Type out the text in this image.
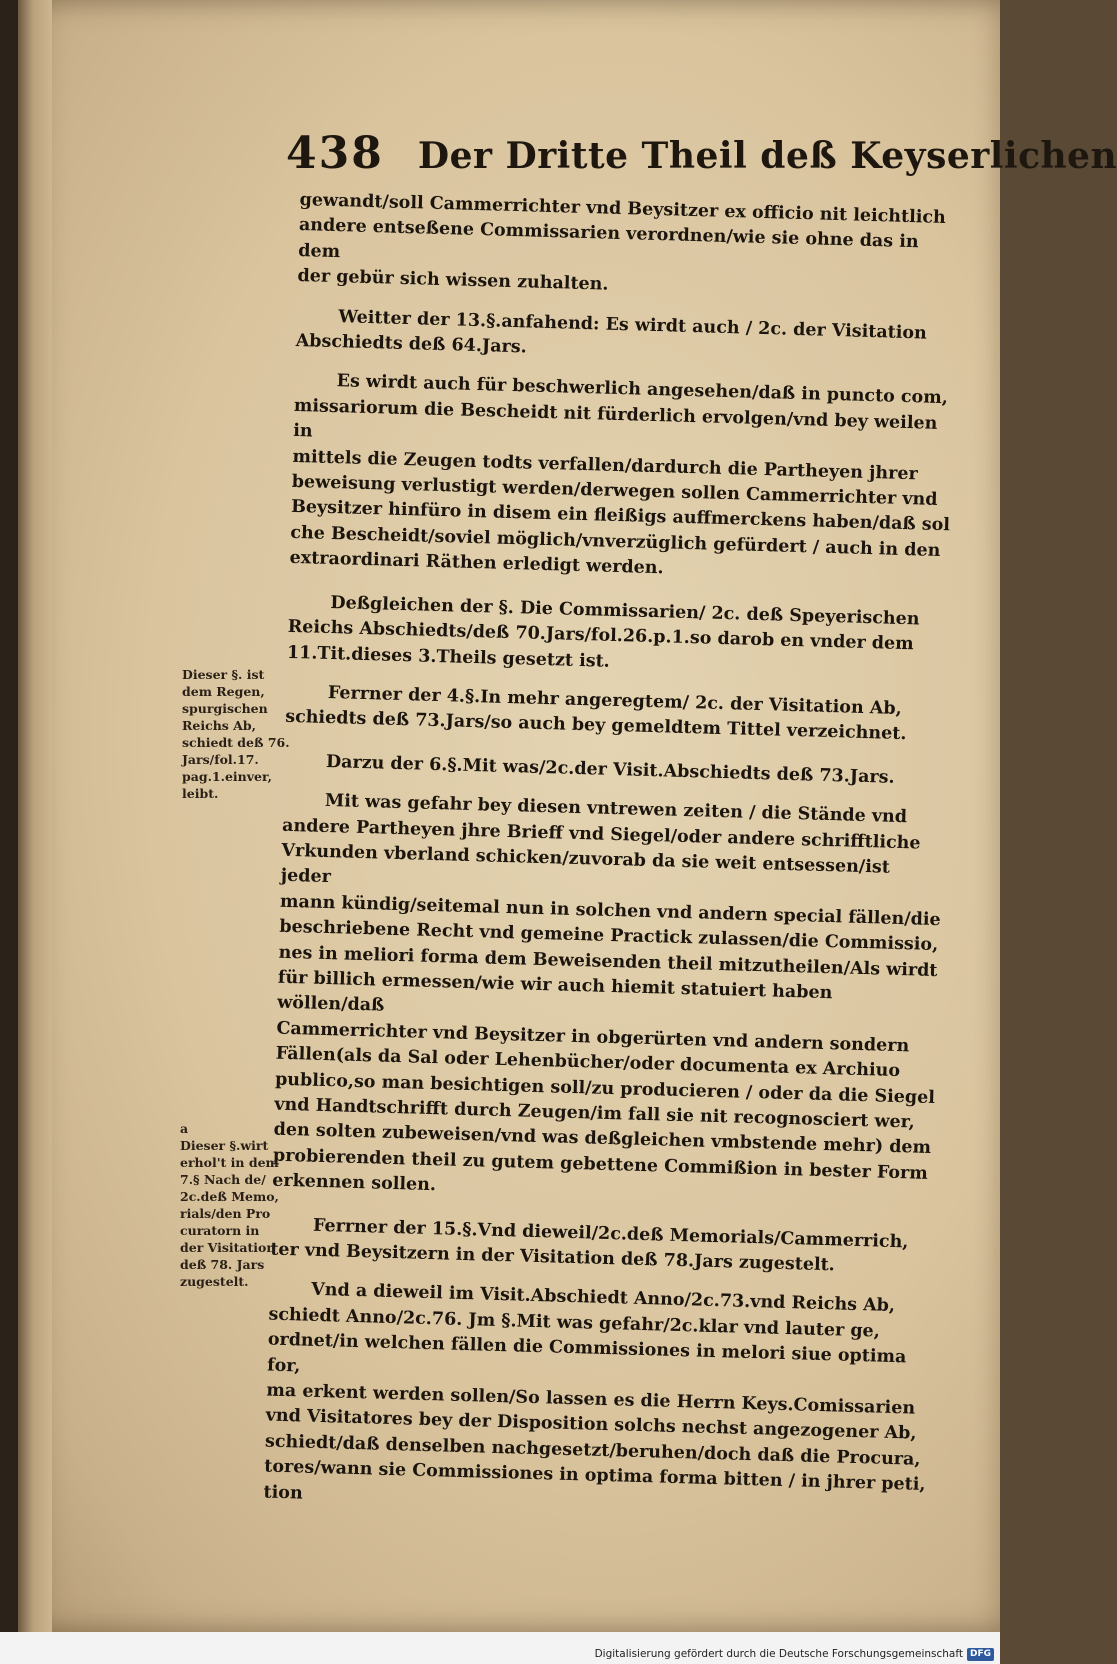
438 Der Dritte Theil deß Keyserlichen

gewandt/soll Cammerrichter vnd Beysitzer ex officio nit leichtlich
andere entseßene Commissarien verordnen/wie sie ohne das in dem
der gebür sich wissen zuhalten.

Weitter der 13.§.anfahend: Es wirdt auch / 2c. der Visitation
Abschiedts deß 64.Jars.

Es wirdt auch für beschwerlich angesehen/daß in puncto com,
missariorum die Bescheidt nit fürderlich ervolgen/vnd bey weilen in
mittels die Zeugen todts verfallen/dardurch die Partheyen jhrer
beweisung verlustigt werden/derwegen sollen Cammerrichter vnd
Beysitzer hinfüro in disem ein fleißigs auffmerckens haben/daß sol
che Bescheidt/soviel möglich/vnverzüglich gefürdert / auch in den
extraordinari Räthen erledigt werden.

Deßgleichen der §. Die Commissarien/ 2c. deß Speyerischen
Reichs Abschiedts/deß 70.Jars/fol.26.p.1.so darob en vnder dem
11.Tit.dieses 3.Theils gesetzt ist.

Ferrner der 4.§.In mehr angeregtem/ 2c. der Visitation Ab,
schiedts deß 73.Jars/so auch bey gemeldtem Tittel verzeichnet.

Darzu der 6.§.Mit was/2c.der Visit.Abschiedts deß 73.Jars.

Mit was gefahr bey diesen vntrewen zeiten / die Stände vnd
andere Partheyen jhre Brieff vnd Siegel/oder andere schrifftliche
Vrkunden vberland schicken/zuvorab da sie weit entsessen/ist jeder
mann kündig/seitemal nun in solchen vnd andern special fällen/die
beschriebene Recht vnd gemeine Practick zulassen/die Commissio,
nes in meliori forma dem Beweisenden theil mitzutheilen/Als wirdt
für billich ermessen/wie wir auch hiemit statuiert haben wöllen/daß
Cammerrichter vnd Beysitzer in obgerürten vnd andern sondern
Fällen(als da Sal oder Lehenbücher/oder documenta ex Archiuo
publico,so man besichtigen soll/zu producieren / oder da die Siegel
vnd Handtschrifft durch Zeugen/im fall sie nit recognosciert wer,
den solten zubeweisen/vnd was deßgleichen vmbstende mehr) dem
probierenden theil zu gutem gebettene Commißion in bester Form
erkennen sollen.

Ferrner der 15.§.Vnd dieweil/2c.deß Memorials/Cammerrich,
ter vnd Beysitzern in der Visitation deß 78.Jars zugestelt.

Vnd a dieweil im Visit.Abschiedt Anno/2c.73.vnd Reichs Ab,
schiedt Anno/2c.76. Jm §.Mit was gefahr/2c.klar vnd lauter ge,
ordnet/in welchen fällen die Commissiones in melori siue optima for,
ma erkent werden sollen/So lassen es die Herrn Keys.Comissarien
vnd Visitatores bey der Disposition solchs nechst angezogener Ab,
schiedt/daß denselben nachgesetzt/beruhen/doch daß die Procura,
tores/wann sie Commissiones in optima forma bitten / in jhrer peti,
tion

Dieser §. ist
dem Regen,
spurgischen
Reichs Ab,
schiedt deß 76.
Jars/fol.17.
pag.1.einver,
leibt.
a
Dieser §.wirt
erhol't in dem
7.§ Nach de/
2c.deß Memo,
rials/den Pro
curatorn in
der Visitation
deß 78. Jars
zugestelt.
Digitalisierung gefördert durch die Deutsche Forschungsgemeinschaft DFG
